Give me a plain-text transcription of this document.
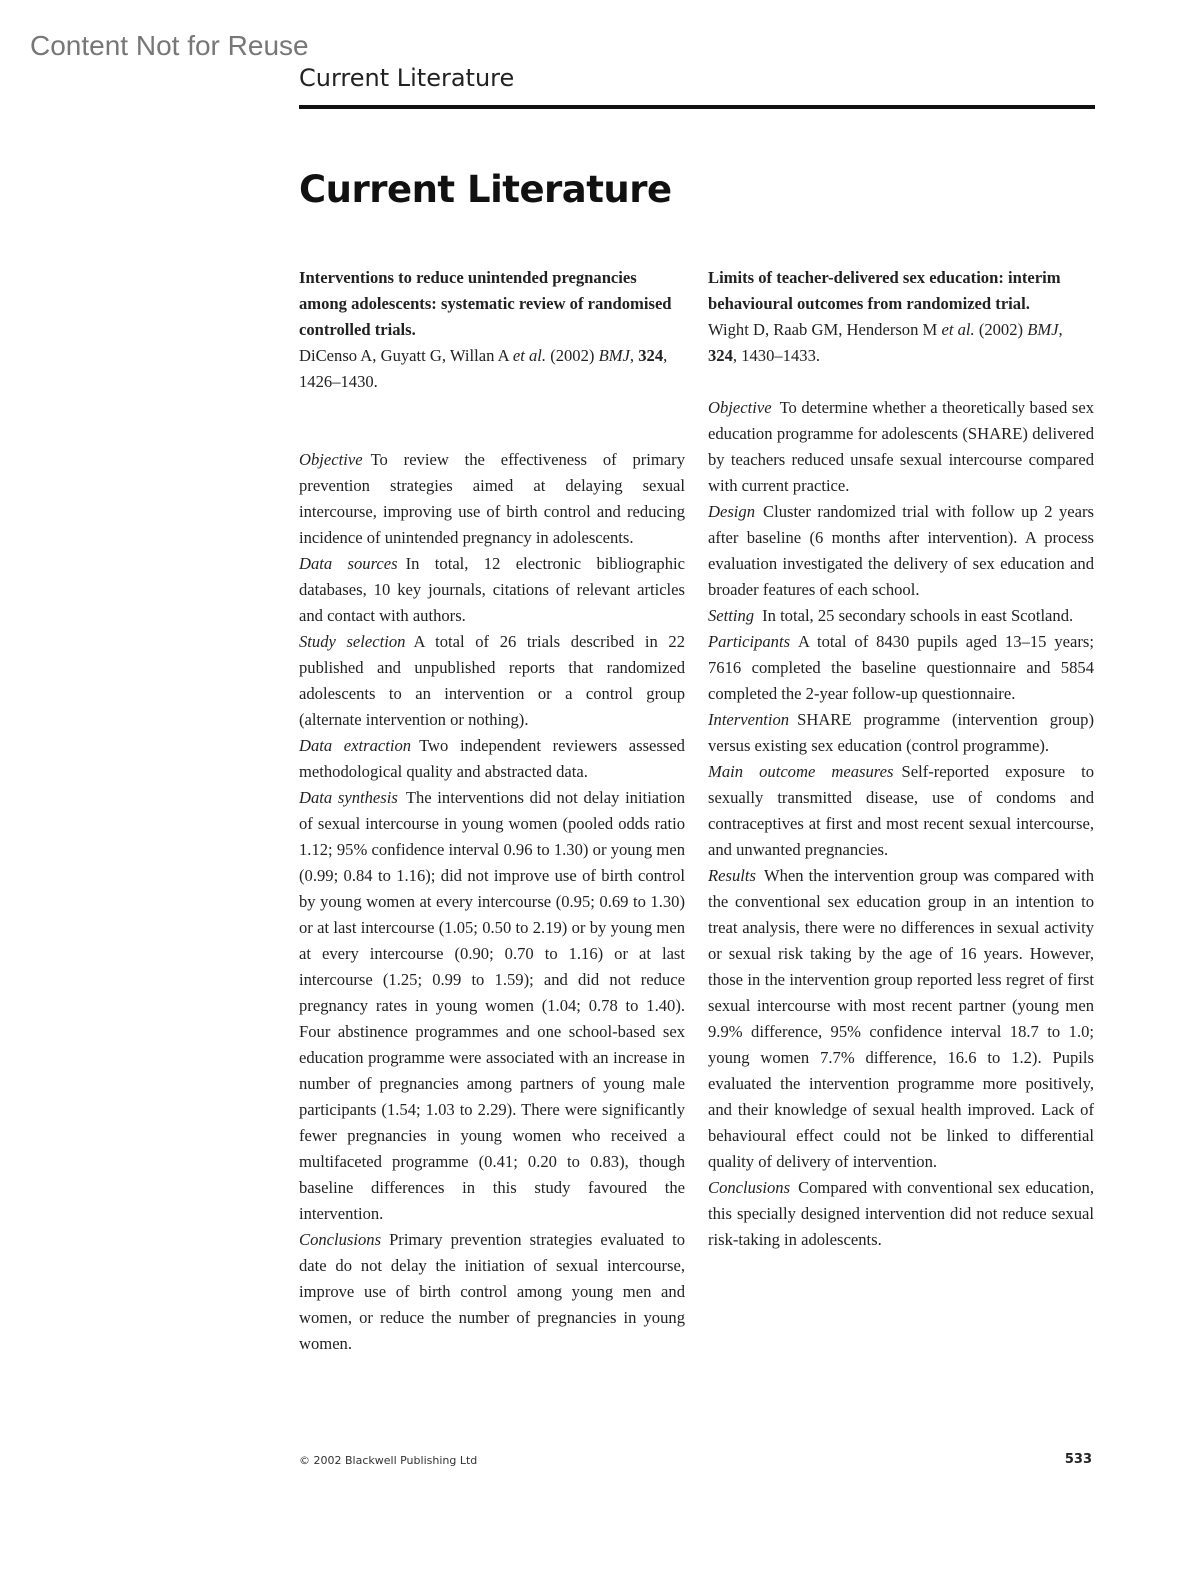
Content Not for Reuse
Current Literature
Current Literature
Interventions to reduce unintended pregnancies among adolescents: systematic review of randomised controlled trials.
DiCenso A, Guyatt G, Willan A et al. (2002) BMJ, 324, 1426–1430.

Objective To review the effectiveness of primary prevention strategies aimed at delaying sexual intercourse, improving use of birth control and reducing incidence of unintended pregnancy in adolescents.

Data sources In total, 12 electronic bibliographic databases, 10 key journals, citations of relevant articles and contact with authors.

Study selection A total of 26 trials described in 22 published and unpublished reports that randomized adolescents to an intervention or a control group (alternate intervention or nothing).

Data extraction Two independent reviewers assessed methodological quality and abstracted data.

Data synthesis The interventions did not delay initiation of sexual intercourse in young women (pooled odds ratio 1.12; 95% confidence interval 0.96 to 1.30) or young men (0.99; 0.84 to 1.16); did not improve use of birth control by young women at every intercourse (0.95; 0.69 to 1.30) or at last intercourse (1.05; 0.50 to 2.19) or by young men at every intercourse (0.90; 0.70 to 1.16) or at last intercourse (1.25; 0.99 to 1.59); and did not reduce pregnancy rates in young women (1.04; 0.78 to 1.40). Four abstinence programmes and one school-based sex education programme were associated with an increase in number of pregnancies among partners of young male participants (1.54; 1.03 to 2.29). There were significantly fewer pregnancies in young women who received a multifaceted programme (0.41; 0.20 to 0.83), though baseline differences in this study favoured the intervention.

Conclusions Primary prevention strategies evaluated to date do not delay the initiation of sexual intercourse, improve use of birth control among young men and women, or reduce the number of pregnancies in young women.

Limits of teacher-delivered sex education: interim behavioural outcomes from randomized trial.
Wight D, Raab GM, Henderson M et al. (2002) BMJ, 324, 1430–1433.

Objective To determine whether a theoretically based sex education programme for adolescents (SHARE) delivered by teachers reduced unsafe sexual intercourse compared with current practice.

Design Cluster randomized trial with follow up 2 years after baseline (6 months after intervention). A process evaluation investigated the delivery of sex education and broader features of each school.

Setting In total, 25 secondary schools in east Scotland.

Participants A total of 8430 pupils aged 13–15 years; 7616 completed the baseline questionnaire and 5854 completed the 2-year follow-up questionnaire.

Intervention SHARE programme (intervention group) versus existing sex education (control programme).

Main outcome measures Self-reported exposure to sexually transmitted disease, use of condoms and contraceptives at first and most recent sexual intercourse, and unwanted pregnancies.

Results When the intervention group was compared with the conventional sex education group in an intention to treat analysis, there were no differences in sexual activity or sexual risk taking by the age of 16 years. However, those in the intervention group reported less regret of first sexual intercourse with most recent partner (young men 9.9% difference, 95% confidence interval 18.7 to 1.0; young women 7.7% difference, 16.6 to 1.2). Pupils evaluated the intervention programme more positively, and their knowledge of sexual health improved. Lack of behavioural effect could not be linked to differential quality of delivery of intervention.

Conclusions Compared with conventional sex education, this specially designed intervention did not reduce sexual risk-taking in adolescents.

© 2002 Blackwell Publishing Ltd	533
